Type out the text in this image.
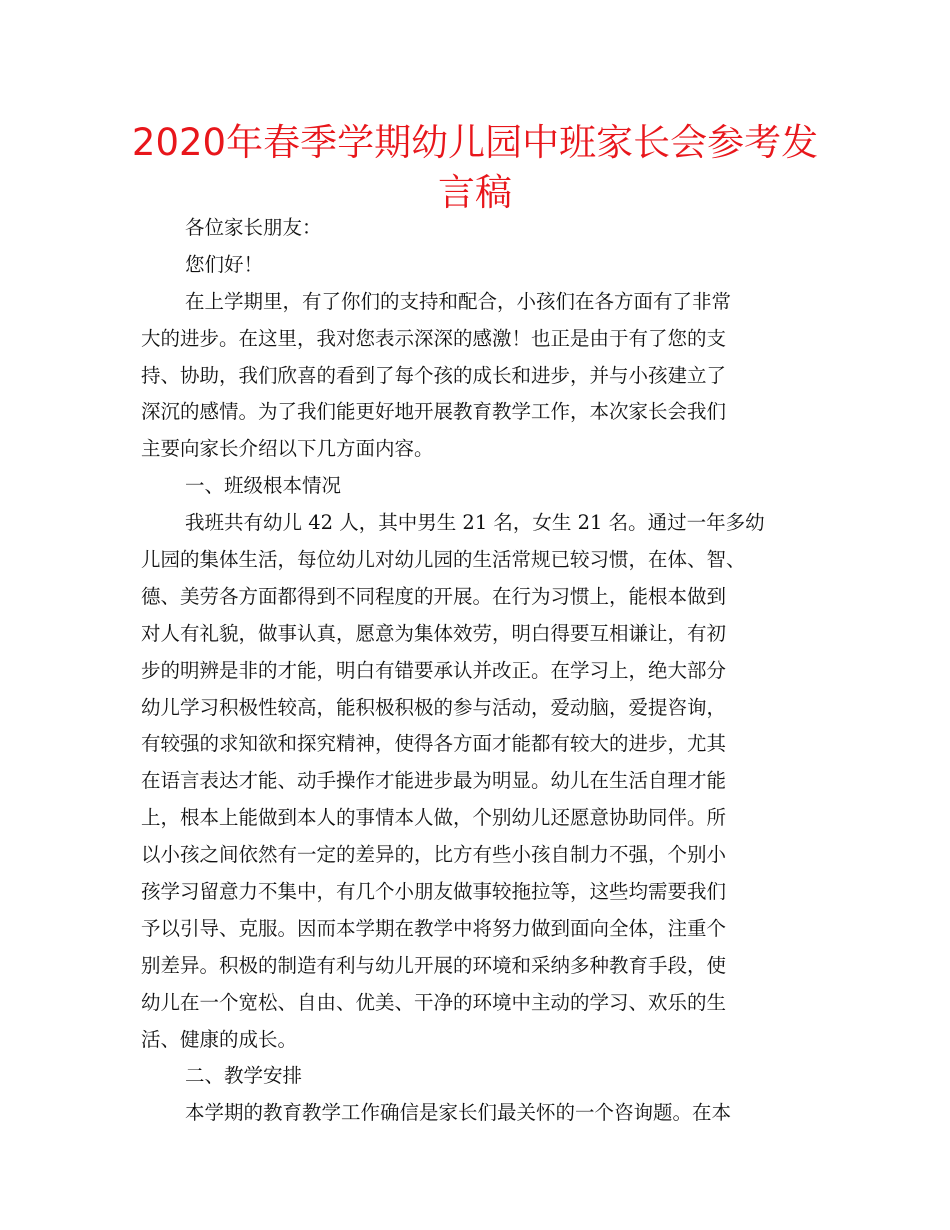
2020年春季学期幼儿园中班家长会参考发
言稿
各位家长朋友：
您们好！
在上学期里，有了你们的支持和配合，小孩们在各方面有了非常
大的进步。在这里，我对您表示深深的感激！也正是由于有了您的支
持、协助，我们欣喜的看到了每个孩的成长和进步，并与小孩建立了
深沉的感情。为了我们能更好地开展教育教学工作，本次家长会我们
主要向家长介绍以下几方面内容。
一、班级根本情况
我班共有幼儿 42 人，其中男生 21 名，女生 21 名。通过一年多幼
儿园的集体生活，每位幼儿对幼儿园的生活常规已较习惯，在体、智、
德、美劳各方面都得到不同程度的开展。在行为习惯上，能根本做到
对人有礼貌，做事认真，愿意为集体效劳，明白得要互相谦让，有初
步的明辨是非的才能，明白有错要承认并改正。在学习上，绝大部分
幼儿学习积极性较高，能积极积极的参与活动，爱动脑，爱提咨询，
有较强的求知欲和探究精神，使得各方面才能都有较大的进步，尤其
在语言表达才能、动手操作才能进步最为明显。幼儿在生活自理才能
上，根本上能做到本人的事情本人做，个别幼儿还愿意协助同伴。所
以小孩之间依然有一定的差异的，比方有些小孩自制力不强，个别小
孩学习留意力不集中，有几个小朋友做事较拖拉等，这些均需要我们
予以引导、克服。因而本学期在教学中将努力做到面向全体，注重个
别差异。积极的制造有利与幼儿开展的环境和采纳多种教育手段，使
幼儿在一个宽松、自由、优美、干净的环境中主动的学习、欢乐的生
活、健康的成长。
二、教学安排
本学期的教育教学工作确信是家长们最关怀的一个咨询题。在本
